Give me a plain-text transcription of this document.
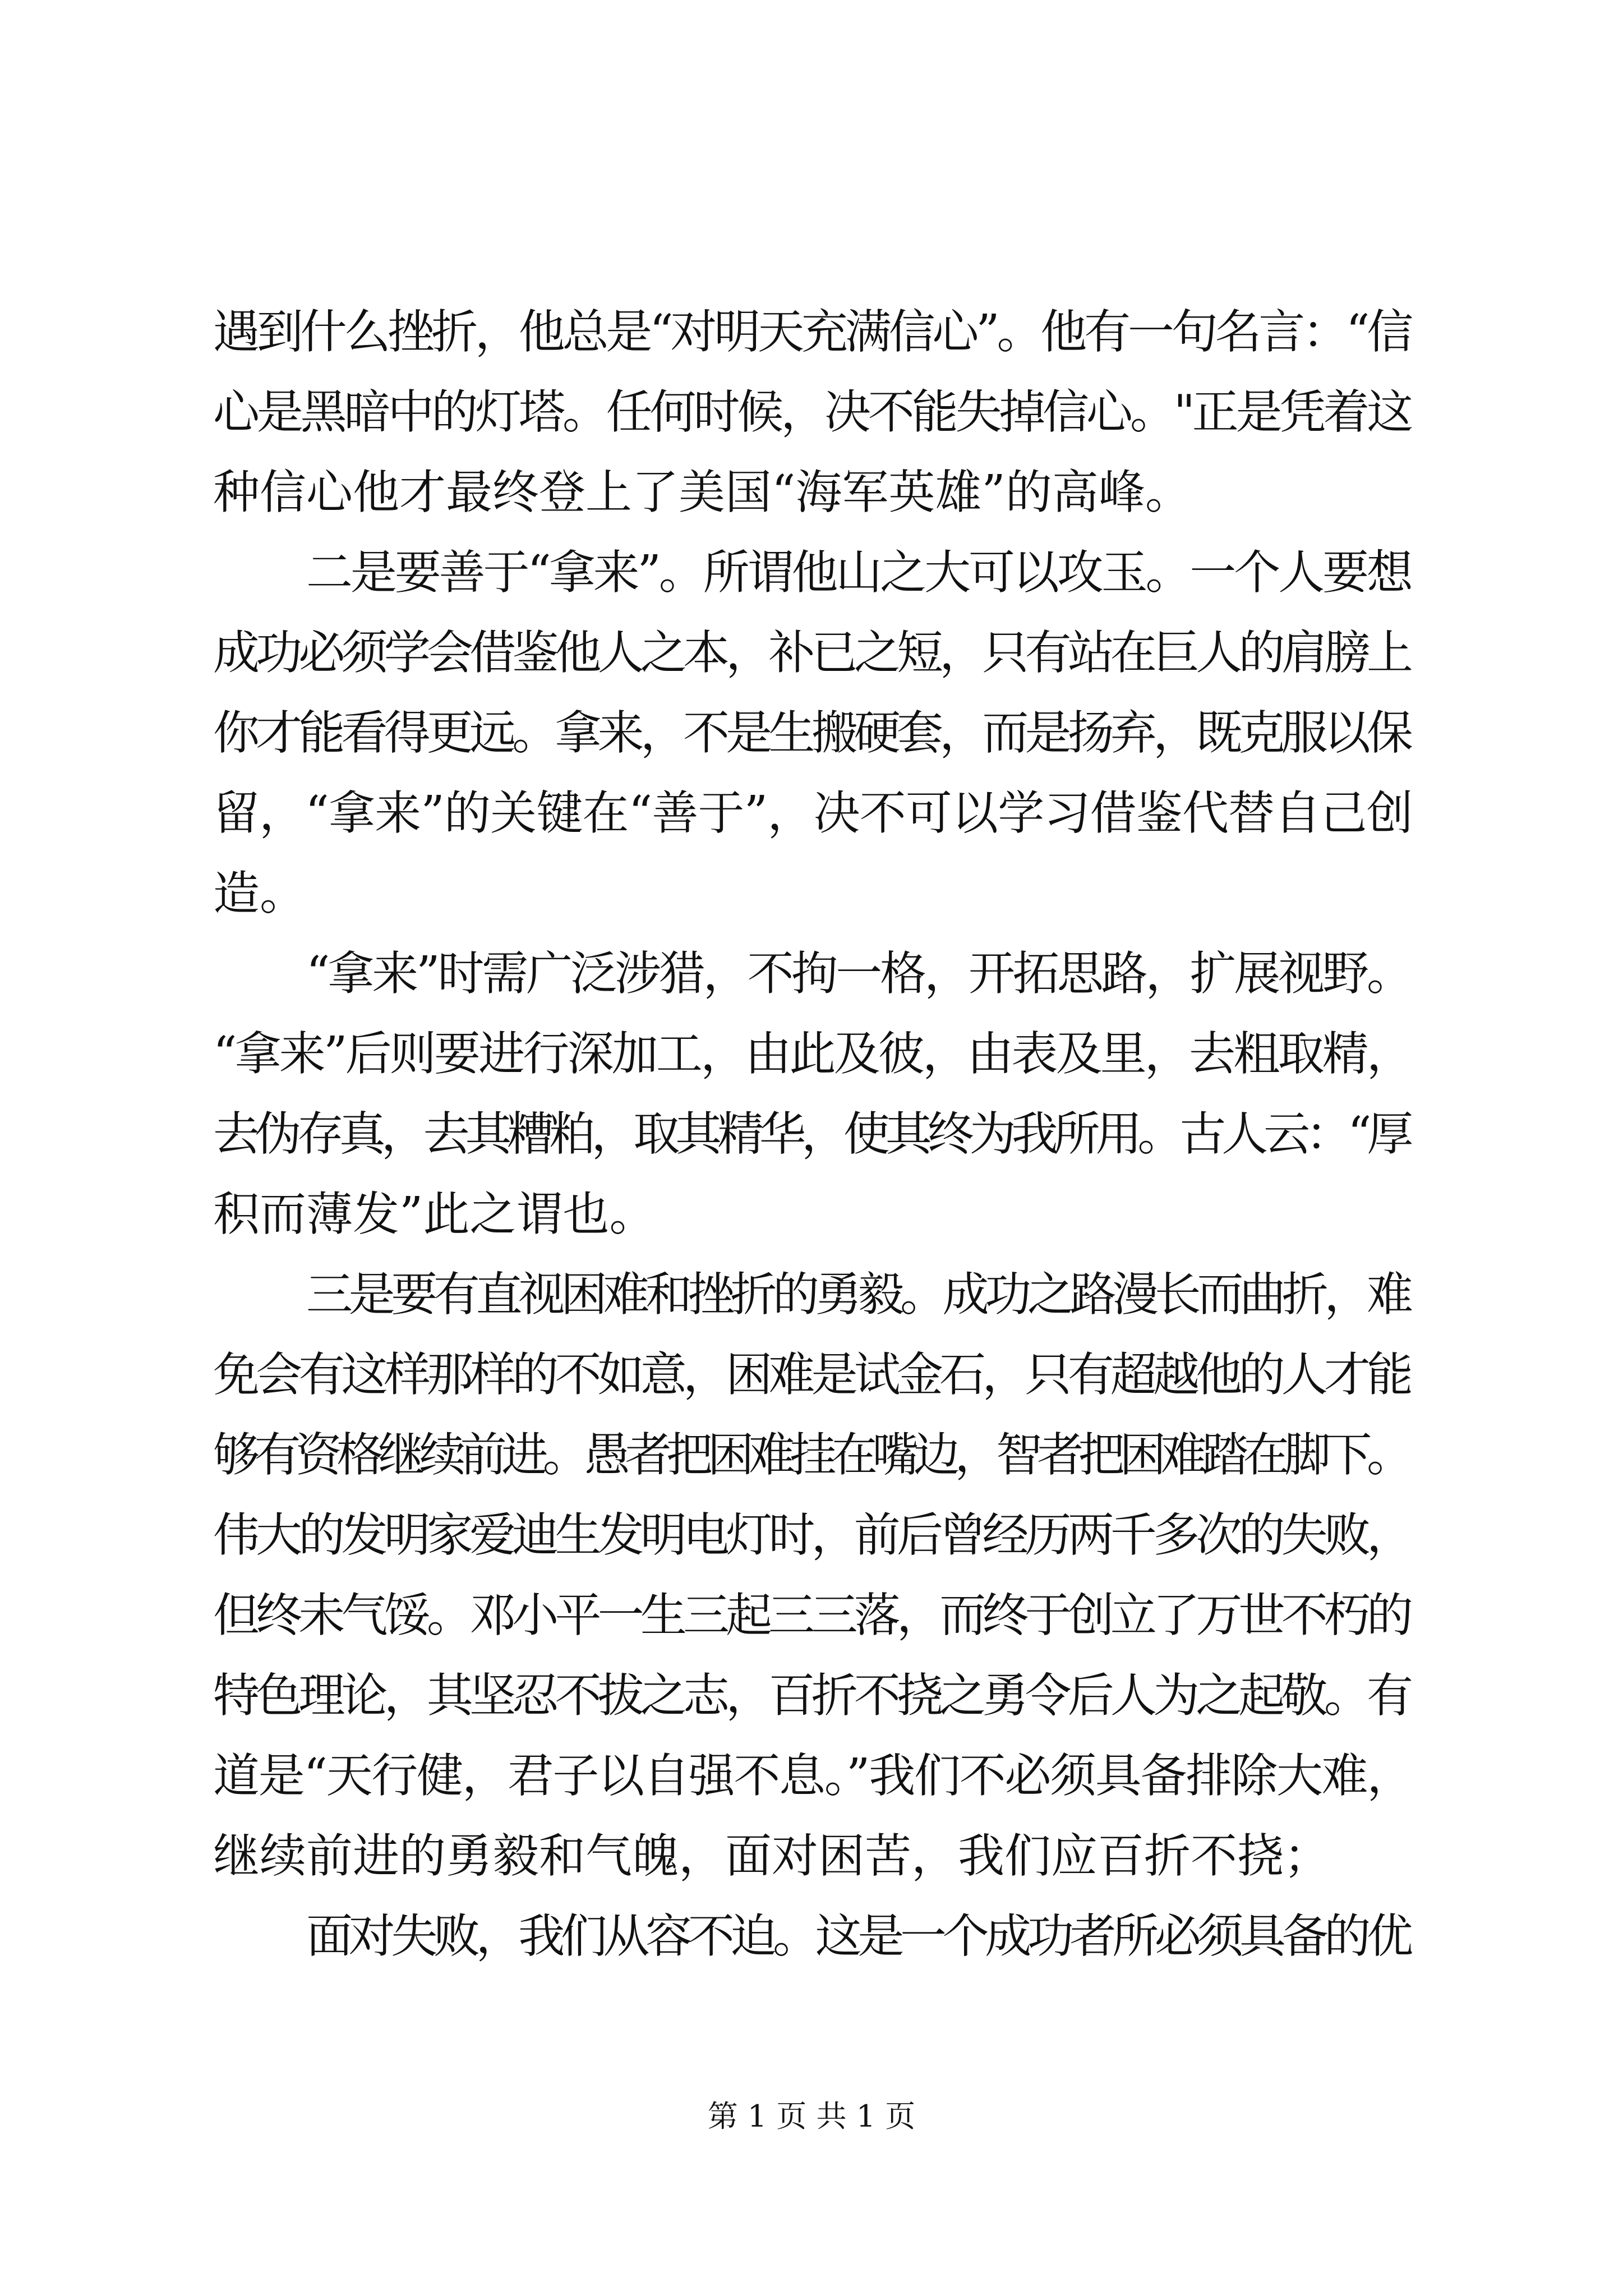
遇到什么挫折，他总是“对明天充满信心”。他有一句名言：“信
心是黑暗中的灯塔。任何时候，决不能失掉信心。"正是凭着这
种信心他才最终登上了美国“海军英雄”的高峰。
二是要善于“拿来”。所谓他山之大可以攻玉。一个人要想
成功必须学会借鉴他人之本，补已之短，只有站在巨人的肩膀上
你才能看得更远。拿来，不是生搬硬套，而是扬弃，既克服以保
留，“拿来”的关键在“善于”，决不可以学习借鉴代替自己创
造。
“拿来”时需广泛涉猎，不拘一格，开拓思路，扩展视野。
“拿来”后则要进行深加工，由此及彼，由表及里，去粗取精，
去伪存真，去其糟粕，取其精华，使其终为我所用。古人云：“厚
积而薄发”此之谓也。
三是要有直视困难和挫折的勇毅。成功之路漫长而曲折，难
免会有这样那样的不如意，困难是试金石，只有超越他的人才能
够有资格继续前进。愚者把困难挂在嘴边，智者把困难踏在脚下。
伟大的发明家爱迪生发明电灯时，前后曾经历两千多次的失败，
但终未气馁。邓小平一生三起三三落，而终于创立了万世不朽的
特色理论，其坚忍不拔之志，百折不挠之勇令后人为之起敬。有
道是“天行健，君子以自强不息。”我们不必须具备排除大难，
继续前进的勇毅和气魄，面对困苦，我们应百折不挠；
面对失败，我们从容不迫。这是一个成功者所必须具备的优
第 1 页 共 1 页
